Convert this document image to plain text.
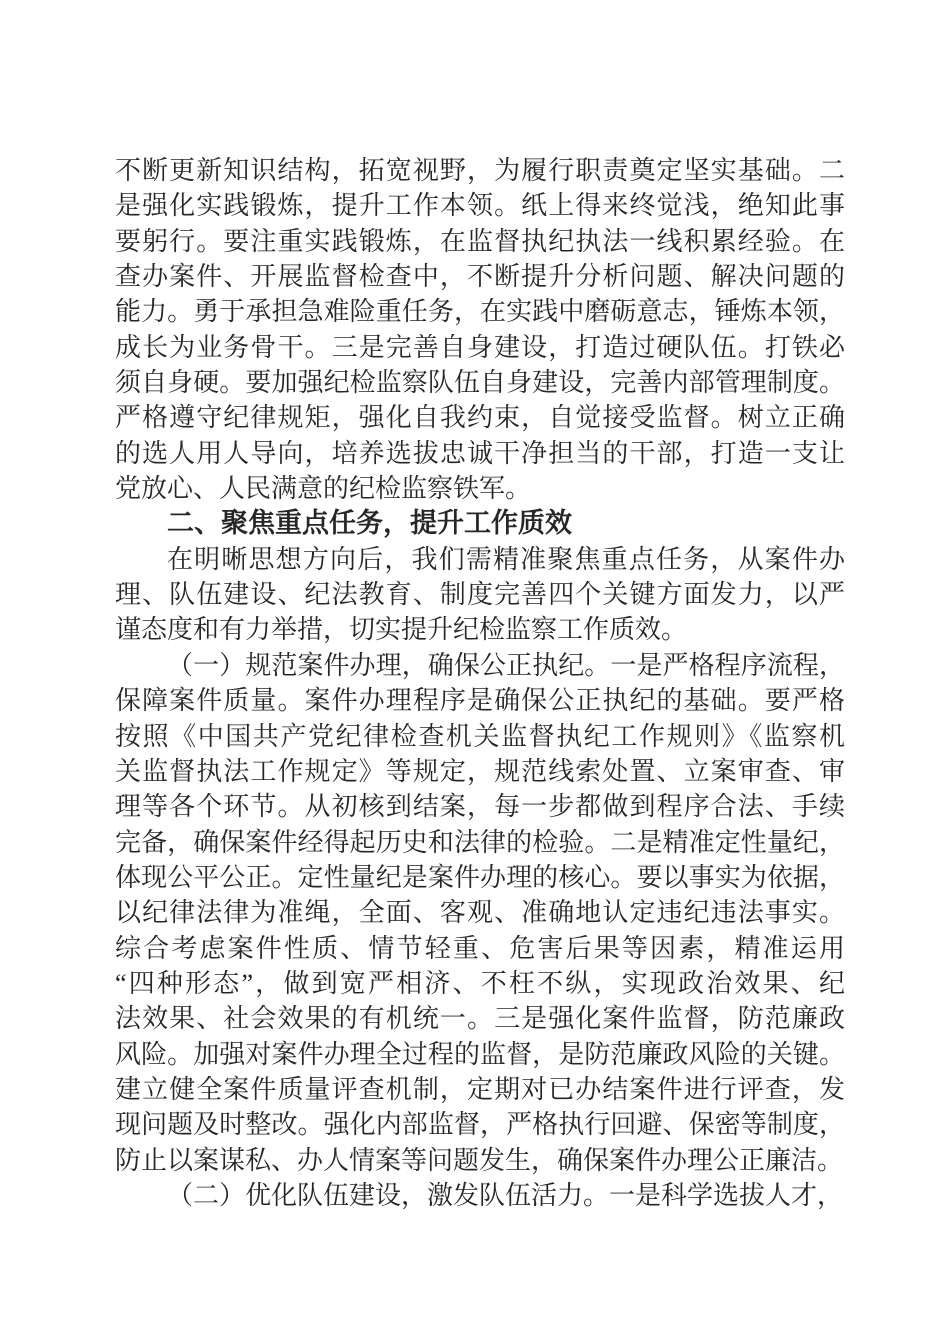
不断更新知识结构，拓宽视野，为履行职责奠定坚实基础。二
是强化实践锻炼，提升工作本领。纸上得来终觉浅，绝知此事
要躬行。要注重实践锻炼，在监督执纪执法一线积累经验。在
查办案件、开展监督检查中，不断提升分析问题、解决问题的
能力。勇于承担急难险重任务，在实践中磨砺意志，锤炼本领，
成长为业务骨干。三是完善自身建设，打造过硬队伍。打铁必
须自身硬。要加强纪检监察队伍自身建设，完善内部管理制度。
严格遵守纪律规矩，强化自我约束，自觉接受监督。树立正确
的选人用人导向，培养选拔忠诚干净担当的干部，打造一支让
党放心、人民满意的纪检监察铁军。
二、聚焦重点任务，提升工作质效
在明晰思想方向后，我们需精准聚焦重点任务，从案件办
理、队伍建设、纪法教育、制度完善四个关键方面发力，以严
谨态度和有力举措，切实提升纪检监察工作质效。
（一）规范案件办理，确保公正执纪。一是严格程序流程，
保障案件质量。案件办理程序是确保公正执纪的基础。要严格
按照《中国共产党纪律检查机关监督执纪工作规则》《监察机
关监督执法工作规定》等规定，规范线索处置、立案审查、审
理等各个环节。从初核到结案，每一步都做到程序合法、手续
完备，确保案件经得起历史和法律的检验。二是精准定性量纪，
体现公平公正。定性量纪是案件办理的核心。要以事实为依据，
以纪律法律为准绳，全面、客观、准确地认定违纪违法事实。
综合考虑案件性质、情节轻重、危害后果等因素，精准运用
“四种形态”，做到宽严相济、不枉不纵，实现政治效果、纪
法效果、社会效果的有机统一。三是强化案件监督，防范廉政
风险。加强对案件办理全过程的监督，是防范廉政风险的关键。
建立健全案件质量评查机制，定期对已办结案件进行评查，发
现问题及时整改。强化内部监督，严格执行回避、保密等制度，
防止以案谋私、办人情案等问题发生，确保案件办理公正廉洁。
（二）优化队伍建设，激发队伍活力。一是科学选拔人才，
